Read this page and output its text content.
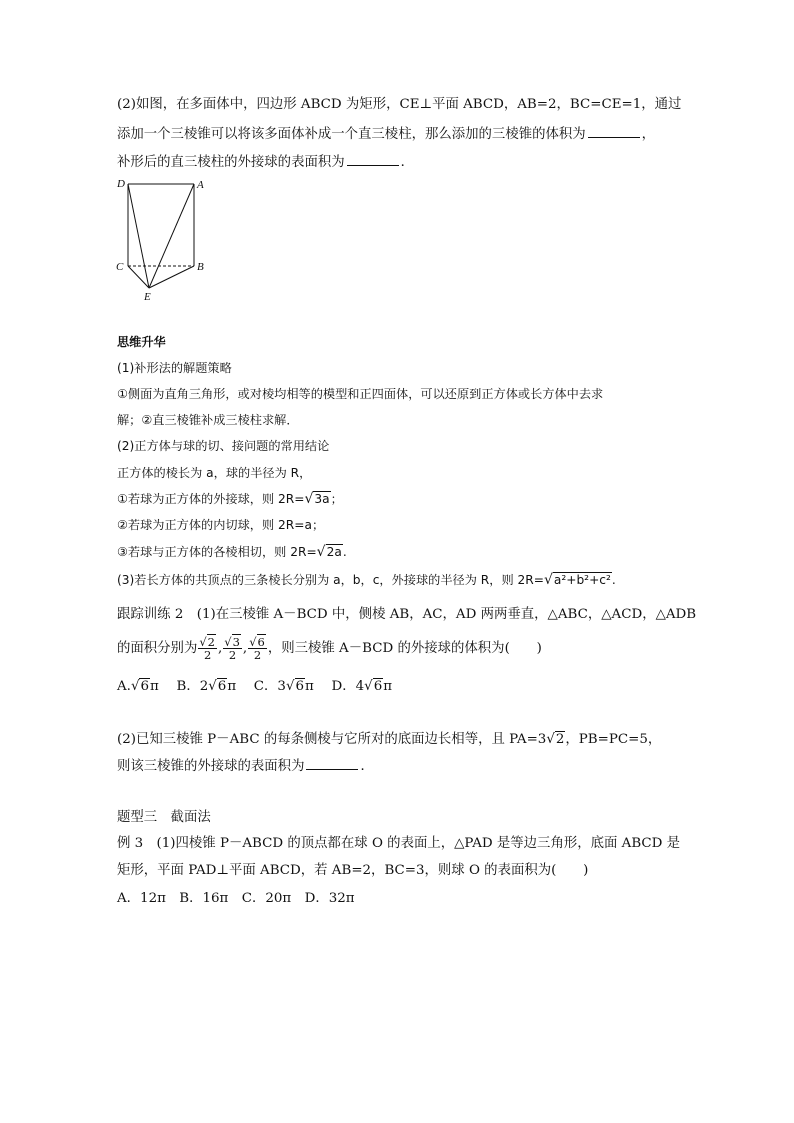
(2)如图，在多面体中，四边形 ABCD 为矩形，CE⊥平面 ABCD，AB=2，BC=CE=1，通过
添加一个三棱锥可以将该多面体补成一个直三棱柱，那么添加的三棱锥的体积为	，
补形后的直三棱柱的外接球的表面积为	．
D	A
C	B
E
思维升华
(1)补形法的解题策略
①侧面为直角三角形，或对棱均相等的模型和正四面体，可以还原到正方体或长方体中去求
解；②直三棱锥补成三棱柱求解．
(2)正方体与球的切、接问题的常用结论
正方体的棱长为 a，球的半径为 R，
①若球为正方体的外接球，则 2R=√3a；
②若球为正方体的内切球，则 2R=a；
③若球与正方体的各棱相切，则 2R=√2a.
(3)若长方体的共顶点的三条棱长分别为 a，b，c，外接球的半径为 R，则 2R=√a²+b²+c².
跟踪训练 2　(1)在三棱锥 A－BCD 中，侧棱 AB，AC，AD 两两垂直，△ABC，△ACD，△ADB
的面积分别为 $\frac{√2}{2}$ , $\frac{√3}{2}$ , $\frac{√6}{2}$ ，则三棱锥 A－BCD 的外接球的体积为(　　)
A.√6π　 B．2√6π　 C．3√6π　 D．4√6π
(2)已知三棱锥 P－ABC 的每条侧棱与它所对的底面边长相等，且 PA=3√2，PB=PC=5，
则该三棱锥的外接球的表面积为	．
题型三　截面法
例 3　(1)四棱锥 P－ABCD 的顶点都在球 O 的表面上，△PAD 是等边三角形，底面 ABCD 是
矩形，平面 PAD⊥平面 ABCD，若 AB=2，BC=3，则球 O 的表面积为(　　)
A．12π　B．16π　C．20π　D．32π
